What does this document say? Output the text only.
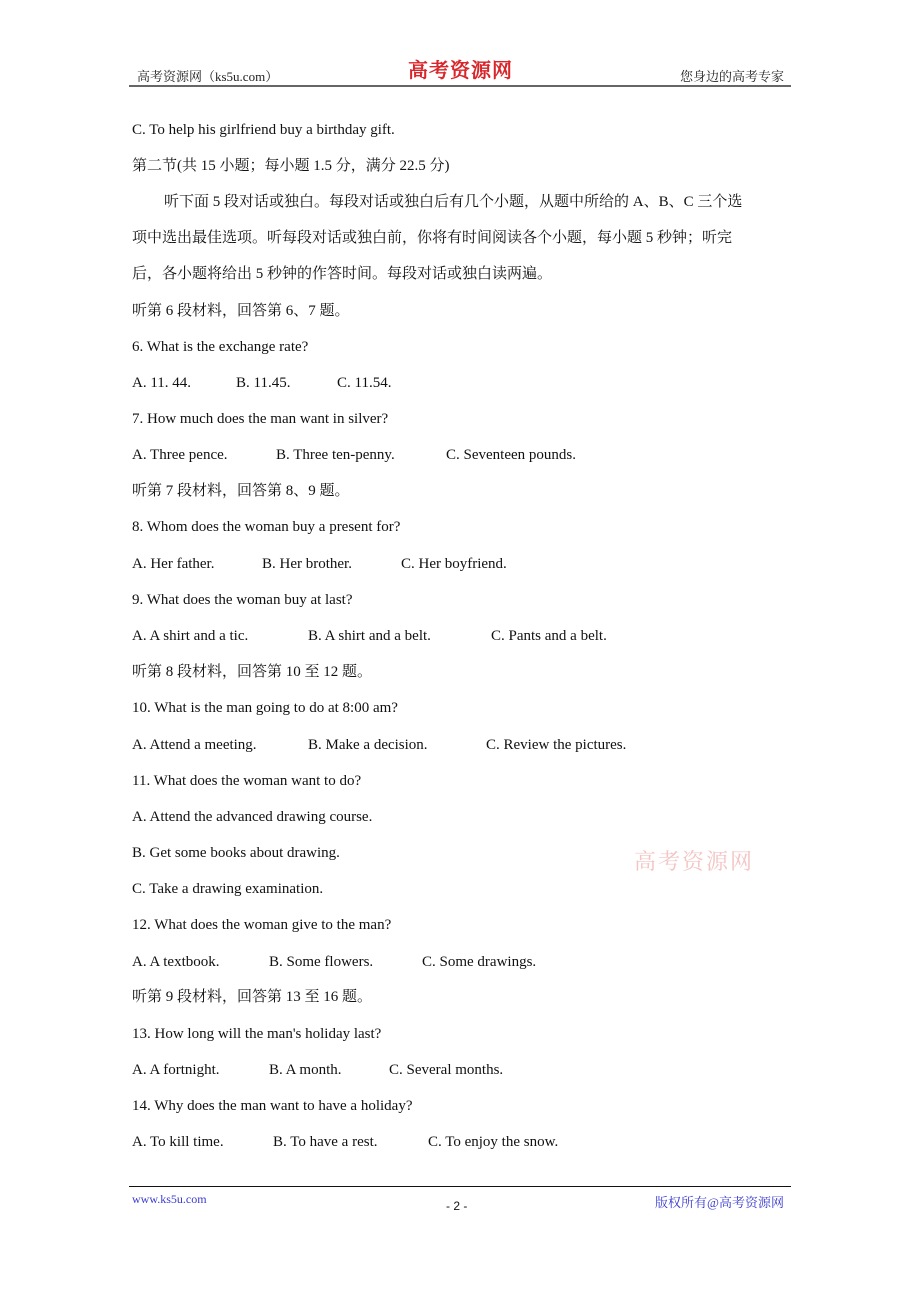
高考资源网（ks5u.com）	高考资源网	您身边的高考专家
C. To help his girlfriend buy a birthday gift.
第二节(共 15 小题；每小题 1.5 分，满分 22.5 分)
听下面 5 段对话或独白。每段对话或独白后有几个小题，从题中所给的 A、B、C 三个选
项中选出最佳选项。听每段对话或独白前，你将有时间阅读各个小题，每小题 5 秒钟；听完
后，各小题将给出 5 秒钟的作答时间。每段对话或独白读两遍。
听第 6 段材料，回答第 6、7 题。
6. What is the exchange rate?
A. 11. 44.	B. 11.45.	C. 11.54.
7. How much does the man want in silver?
A. Three pence.	B. Three ten-penny.	C. Seventeen pounds.
听第 7 段材料，回答第 8、9 题。
8. Whom does the woman buy a present for?
A. Her father.	B. Her brother.	C. Her boyfriend.
9. What does the woman buy at last?
A. A shirt and a tic.	B. A shirt and a belt.	C. Pants and a belt.
听第 8 段材料，回答第 10 至 12 题。
10. What is the man going to do at 8:00 am?
A. Attend a meeting.	B. Make a decision.	C. Review the pictures.
11. What does the woman want to do?
A. Attend the advanced drawing course.
B. Get some books about drawing.
C. Take a drawing examination.
12. What does the woman give to the man?
A. A textbook.	B. Some flowers.	C. Some drawings.
听第 9 段材料，回答第 13 至 16 题。
13. How long will the man's holiday last?
A. A fortnight.	B. A month.	C. Several months.
14. Why does the man want to have a holiday?
A. To kill time.	B. To have a rest.	C. To enjoy the snow.
高考资源网
www.ks5u.com	- 2 -	版权所有@高考资源网
